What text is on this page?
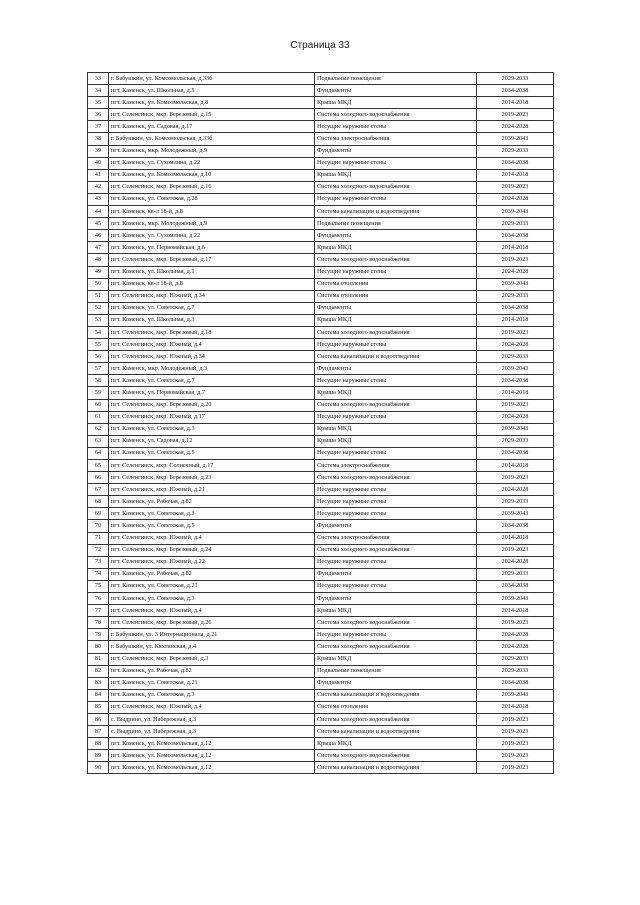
Страница 33
33	г. Бабушкин, ул. Комсомольская, д.33б	Подвальные помещения	2029-2033
34	пгт. Каменск, ул. Школьная, д.5	Фундаменты	2034-2038
35	пгт. Каменск, ул. Комсомольская, д.8	Крыша МКД	2014-2018
36	пгт. Селенгинск, мкр. Березовый, д.15	Система холодного водоснабжения	2019-2023
37	пгт. Каменск, ул. Садовая, д.17	Несущие наружные стены	2024-2028
38	г. Бабушкин, ул. Комсомольская, д.33б	Система электроснабжения	2039-2043
39	пгт. Каменск, мкр. Молодежный, д.9	Фундаменты	2029-2033
40	пгт. Каменск, ул. Сухомлина, д.22	Несущие наружные стены	2034-2038
41	пгт. Каменск, ул. Комсомольская, д.10	Крыша МКД	2014-2018
42	пгт. Селенгинск, мкр. Березовый, д.16	Система холодного водоснабжения	2019-2023
43	пгт. Каменск, ул. Советская, д.28	Несущие наружные стены	2024-2028
44	пгт. Каменск, кв-л 18-й, д.8	Система канализации и водоотведения	2039-2043
45	пгт. Каменск, мкр. Молодежный, д.9	Подвальные помещения	2029-2033
46	пгт. Каменск, ул. Сухомлина, д.22	Фундаменты	2034-2038
47	пгт. Каменск, ул. Первомайская, д.6	Крыша МКД	2014-2018
48	пгт. Селенгинск, мкр. Березовый, д.17	Система холодного водоснабжения	2019-2023
49	пгт. Каменск, ул. Школьная, д.1	Несущие наружные стены	2024-2028
50	пгт. Каменск, кв-л 18-й, д.8	Система отопления	2039-2043
51	пгт. Селенгинск, мкр. Южный, д.34	Система отопления	2029-2033
52	пгт. Каменск, ул. Советская, д.7	Фундаменты	2034-2038
53	пгт. Каменск, ул. Школьная, д.3	Крыша МКД	2014-2018
54	пгт. Селенгинск, мкр. Березовый, д.18	Система холодного водоснабжения	2019-2023
55	пгт. Селенгинск, мкр. Южный, д.4	Несущие наружные стены	2024-2028
56	пгт. Селенгинск, мкр. Южный, д.34	Система канализации и водоотведения	2029-2033
57	пгт. Каменск, мкр. Молодежный, д.3	Фундаменты	2039-2043
58	пгт. Каменск, ул. Советская, д.7	Несущие наружные стены	2034-2038
59	пгт. Каменск, ул. Первомайская, д.7	Крыша МКД	2014-2018
60	пгт. Селенгинск, мкр. Березовый, д.20	Система холодного водоснабжения	2019-2023
61	пгт. Селенгинск, мкр. Южный, д.17	Несущие наружные стены	2024-2028
62	пгт. Каменск, ул. Советская, д.3	Крыша МКД	2039-2043
63	пгт. Каменск, ул. Садовая, д.12	Крыша МКД	2029-2033
64	пгт. Каменск, ул. Советская, д.5	Несущие наружные стены	2034-2038
65	пгт. Селенгинск, мкр. Солнечный, д.17	Система электроснабжения	2014-2018
66	пгт. Селенгинск, мкр. Березовый, д.23	Система холодного водоснабжения	2019-2023
67	пгт. Селенгинск, мкр. Южный, д.21	Несущие наружные стены	2024-2028
68	пгт. Каменск, ул. Рабочая, д.82	Несущие наружные стены	2029-2033
69	пгт. Каменск, ул. Советская, д.3	Несущие наружные стены	2039-2043
70	пгт. Каменск, ул. Советская, д.5	Фундаменты	2034-2038
71	пгт. Селенгинск, мкр. Южный, д.4	Система электроснабжения	2014-2018
72	пгт. Селенгинск, мкр. Березовый, д.24	Система холодного водоснабжения	2019-2023
73	пгт. Селенгинск, мкр. Южный, д.22	Несущие наружные стены	2024-2028
74	пгт. Каменск, ул. Рабочая, д.82	Фундаменты	2029-2033
75	пгт. Каменск, ул. Советская, д.21	Несущие наружные стены	2034-2038
76	пгт. Каменск, ул. Советская, д.3	Фундаменты	2039-2043
77	пгт. Селенгинск, мкр. Южный, д.4	Крыша МКД	2014-2018
78	пгт. Селенгинск, мкр. Березовый, д.26	Система холодного водоснабжения	2019-2023
79	г. Бабушкин, ул. 3 Интернационала, д.21	Несущие наружные стены	2024-2028
80	г. Бабушкин, ул. Кяхтинская, д.4	Система холодного водоснабжения	2024-2028
81	пгт. Селенгинск, мкр. Березовый, д.3	Крыша МКД	2029-2033
82	пгт. Каменск, ул. Рабочая, д.82	Подвальные помещения	2029-2033
83	пгт. Каменск, ул. Советская, д.21	Фундаменты	2034-2038
84	пгт. Каменск, ул. Советская, д.3	Система канализации и водоотведения	2039-2043
85	пгт. Селенгинск, мкр. Южный, д.4	Система отопления	2014-2018
86	с. Выдрино, ул. Набережная, д.3	Система холодного водоснабжения	2019-2023
87	с. Выдрино, ул. Набережная, д.3	Система канализации и водоотведения	2019-2023
88	пгт. Каменск, ул. Комсомольская, д.12	Крыша МКД	2019-2023
89	пгт. Каменск, ул. Комсомольская, д.12	Система холодного водоснабжения	2019-2023
90	пгт. Каменск, ул. Комсомольская, д.12	Система канализации и водоотведения	2019-2023
